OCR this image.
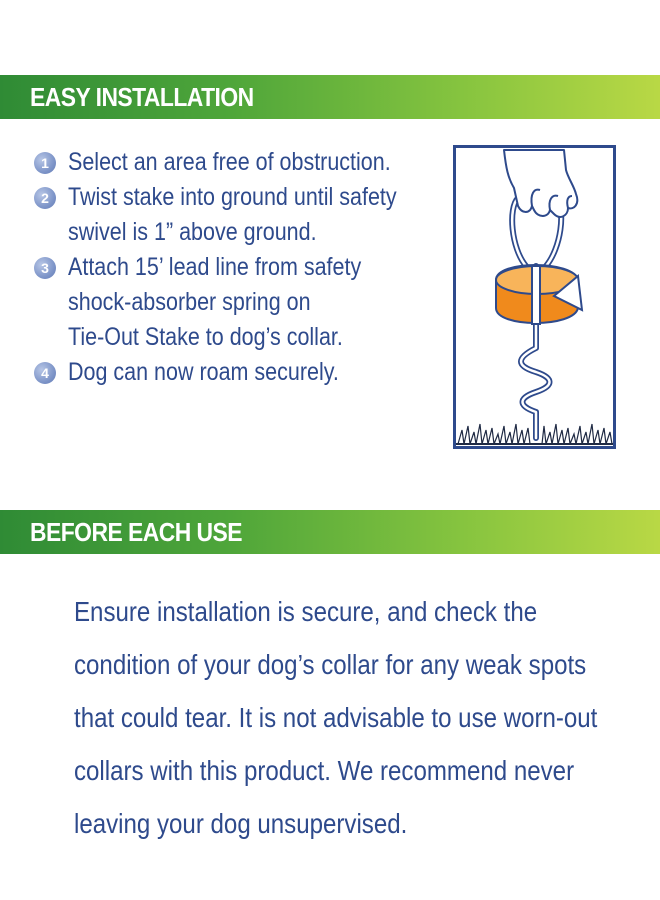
EASY INSTALLATION
1 Select an area free of obstruction.
2 Twist stake into ground until safety
swivel is 1” above ground.
3 Attach 15’ lead line from safety
shock-absorber spring on
Tie-Out Stake to dog’s collar.
4 Dog can now roam securely.
BEFORE EACH USE
Ensure installation is secure, and check the
condition of your dog’s collar for any weak spots
that could tear. It is not advisable to use worn-out
collars with this product. We recommend never
leaving your dog unsupervised.
